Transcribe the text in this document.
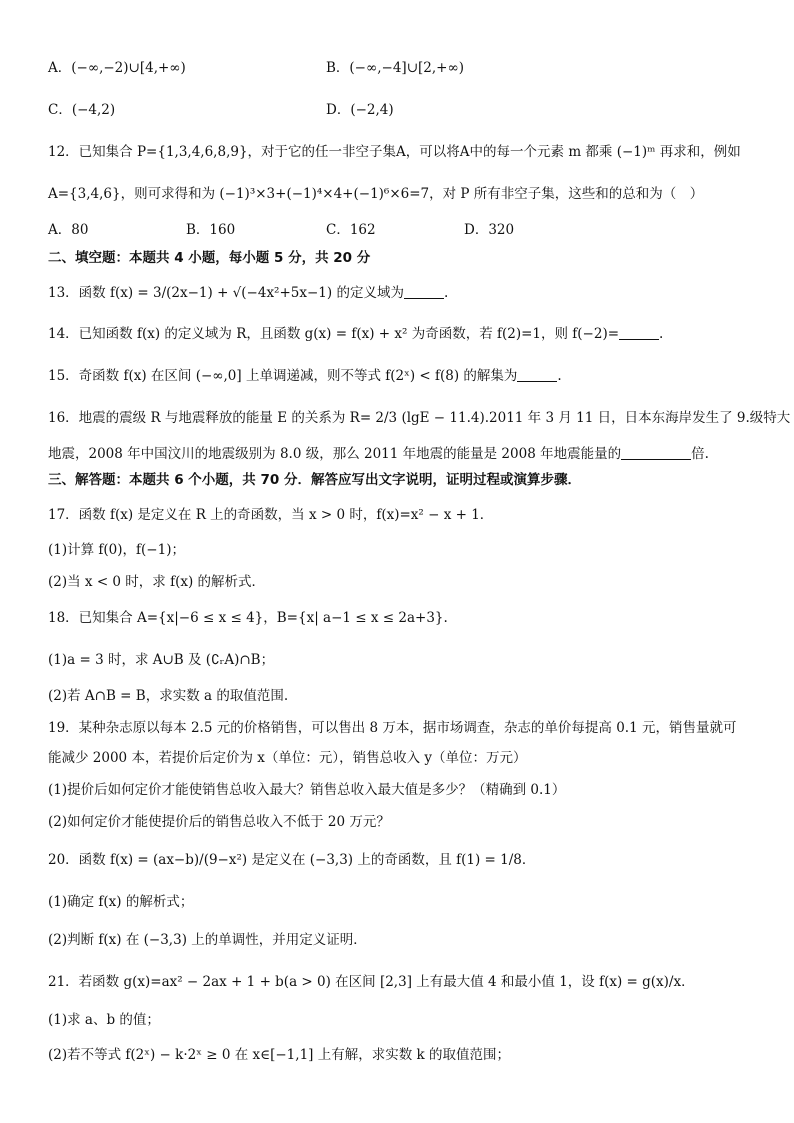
A．(−∞,−2)∪[4,+∞)	B．(−∞,−4]∪[2,+∞)
C．(−4,2)	D．(−2,4)
12．已知集合 P={1,3,4,6,8,9}，对于它的任一非空子集A，可以将A中的每一个元素 m 都乘 (−1)ᵐ 再求和，例如
A={3,4,6}，则可求得和为 (−1)³×3+(−1)⁴×4+(−1)⁶×6=7，对 P 所有非空子集，这些和的总和为（　）
A．80	B．160	C．162	D．320
二、填空题：本题共 4 小题，每小题 5 分，共 20 分
13．函数 f(x) = 3/(2x−1) + √(−4x²+5x−1) 的定义域为	.
14．已知函数 f(x) 的定义域为 R，且函数 g(x) = f(x) + x² 为奇函数，若 f(2)=1，则 f(−2)=	.
15．奇函数 f(x) 在区间 (−∞,0] 上单调递减，则不等式 f(2ˣ) < f(8) 的解集为	.
16．地震的震级 R 与地震释放的能量 E 的关系为 R= 2/3 (lgE − 11.4).2011 年 3 月 11 日，日本东海岸发生了 9.级特大
地震，2008 年中国汶川的地震级别为 8.0 级，那么 2011 年地震的能量是 2008 年地震能量的	倍.
三、解答题：本题共 6 个小题，共 70 分．解答应写出文字说明，证明过程或演算步骤．
17．函数 f(x) 是定义在 R 上的奇函数，当 x > 0 时，f(x)=x² − x + 1．
(1)计算 f(0)，f(−1)；
(2)当 x < 0 时，求 f(x) 的解析式．
18．已知集合 A={x|−6 ≤ x ≤ 4}，B={x| a−1 ≤ x ≤ 2a+3}.
(1)a = 3 时，求 A∪B 及 (∁ᵣA)∩B；
(2)若 A∩B = B，求实数 a 的取值范围.
19．某种杂志原以每本 2.5 元的价格销售，可以售出 8 万本，据市场调查，杂志的单价每提高 0.1 元，销售量就可
能减少 2000 本，若提价后定价为 x（单位：元），销售总收入 y（单位：万元）
(1)提价后如何定价才能使销售总收入最大？销售总收入最大值是多少？（精确到 0.1）
(2)如何定价才能使提价后的销售总收入不低于 20 万元？
20．函数 f(x) = (ax−b)/(9−x²) 是定义在 (−3,3) 上的奇函数，且 f(1) = 1/8．
(1)确定 f(x) 的解析式；
(2)判断 f(x) 在 (−3,3) 上的单调性，并用定义证明．
21．若函数 g(x)=ax² − 2ax + 1 + b(a > 0) 在区间 [2,3] 上有最大值 4 和最小值 1，设 f(x) = g(x)/x．
(1)求 a、b 的值；
(2)若不等式 f(2ˣ) − k·2ˣ ≥ 0 在 x∈[−1,1] 上有解，求实数 k 的取值范围；
